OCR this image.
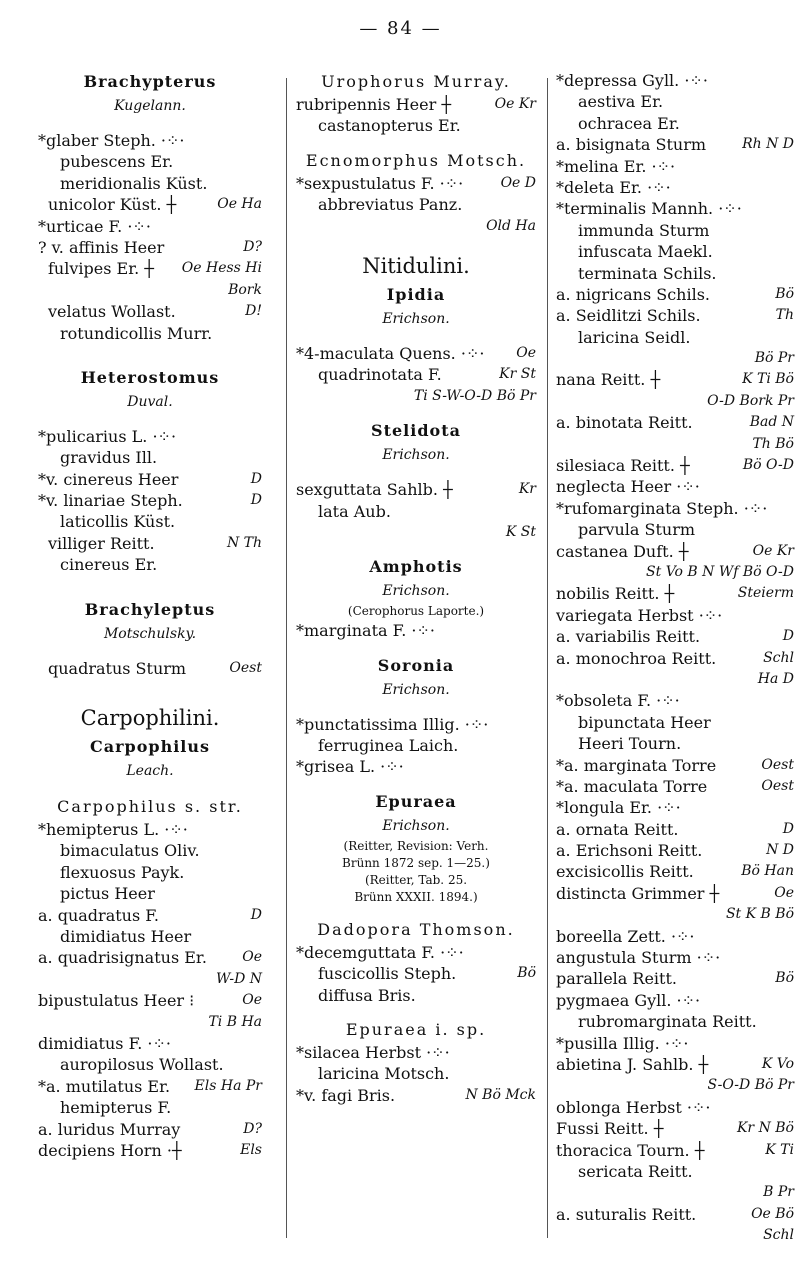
— 84 —
Brachypterus
Kugelann.
*glaber Steph. ·⁘·
pubescens Er.
meridionalis Küst.
unicolor Küst. ┼	Oe Ha
*urticae F. ·⁘·
? v. affinis Heer	D?
fulvipes Er. ┼ Oe Hess Hi
Bork
velatus Wollast.	D!
rotundicollis Murr.
Heterostomus
Duval.
*pulicarius L. ·⁘·
gravidus Ill.
*v. cinereus Heer	D
*v. linariae Steph.	D
laticollis Küst.
villiger Reitt.	N Th
cinereus Er.
Brachyleptus
Motschulsky.
quadratus Sturm	Oest
Carpophilini.
Carpophilus
Leach.
Carpophilus s. str.
*hemipterus L. ·⁘·
bimaculatus Oliv.
flexuosus Payk.
pictus Heer
a. quadratus F.	D
dimidiatus Heer
a. quadrisignatus Er.	Oe
W-D N
bipustulatus Heer ⁝	Oe
Ti B Ha
dimidiatus F. ·⁘·
auropilosus Wollast.
*a. mutilatus Er. Els Ha Pr
hemipterus F.
a. luridus Murray	D?
decipiens Horn ·┼	Els
Urophorus Murray.
rubripennis Heer ┼	Oe Kr
castanopterus Er.
Ecnomorphus Motsch.
*sexpustulatus F. ·⁘·	Oe D
abbreviatus Panz.
Old Ha
Nitidulini.
Ipidia
Erichson.
*4-maculata Quens. ·⁘· Oe
quadrinotata F.	Kr St
Ti S-W-O-D Bö Pr
Stelidota
Erichson.
sexguttata Sahlb. ┼	Kr
lata Aub.
K St
Amphotis
Erichson.
(Cerophorus Laporte.)
*marginata F. ·⁘·
Soronia
Erichson.
*punctatissima Illig. ·⁘·
ferruginea Laich.
*grisea L. ·⁘·
Epuraea
Erichson.
(Reitter, Revision: Verh.
Brünn 1872 sep. 1—25.)
(Reitter, Tab. 25.
Brünn XXXII. 1894.)
Dadopora Thomson.
*decemguttata F. ·⁘·
fuscicollis Steph.	Bö
diffusa Bris.
Epuraea i. sp.
*silacea Herbst ·⁘·
laricina Motsch.
*v. fagi Bris.	N Bö Mck
*depressa Gyll. ·⁘·
aestiva Er.
ochracea Er.
a. bisignata Sturm	Rh N D
*melina Er. ·⁘·
*deleta Er. ·⁘·
*terminalis Mannh. ·⁘·
immunda Sturm
infuscata Maekl.
terminata Schils.
a. nigricans Schils.	Bö
a. Seidlitzi Schils.	Th
laricina Seidl.
Bö Pr
nana Reitt. ┼	K Ti Bö
O-D Bork Pr
a. binotata Reitt.	Bad N
Th Bö
silesiaca Reitt. ┼	Bö O-D
neglecta Heer ·⁘·
*rufomarginata Steph. ·⁘·
parvula Sturm
castanea Duft. ┼	Oe Kr
St Vo B N Wf Bö O-D
nobilis Reitt. ┼	Steierm
variegata Herbst ·⁘·
a. variabilis Reitt.	D
a. monochroa Reitt.	Schl
Ha D
*obsoleta F. ·⁘·
bipunctata Heer
Heeri Tourn.
*a. marginata Torre	Oest
*a. maculata Torre	Oest
*longula Er. ·⁘·
a. ornata Reitt.	D
a. Erichsoni Reitt.	N D
excisicollis Reitt.	Bö Han
distincta Grimmer ┼	Oe
St K B Bö
boreella Zett. ·⁘·
angustula Sturm ·⁘·
parallela Reitt.	Bö
pygmaea Gyll. ·⁘·
rubromarginata Reitt.
*pusilla Illig. ·⁘·
abietina J. Sahlb. ┼	K Vo
S-O-D Bö Pr
oblonga Herbst ·⁘·
Fussi Reitt. ┼	Kr N Bö
thoracica Tourn. ┼	K Ti
sericata Reitt.
B Pr
a. suturalis Reitt.	Oe Bö
Schl
